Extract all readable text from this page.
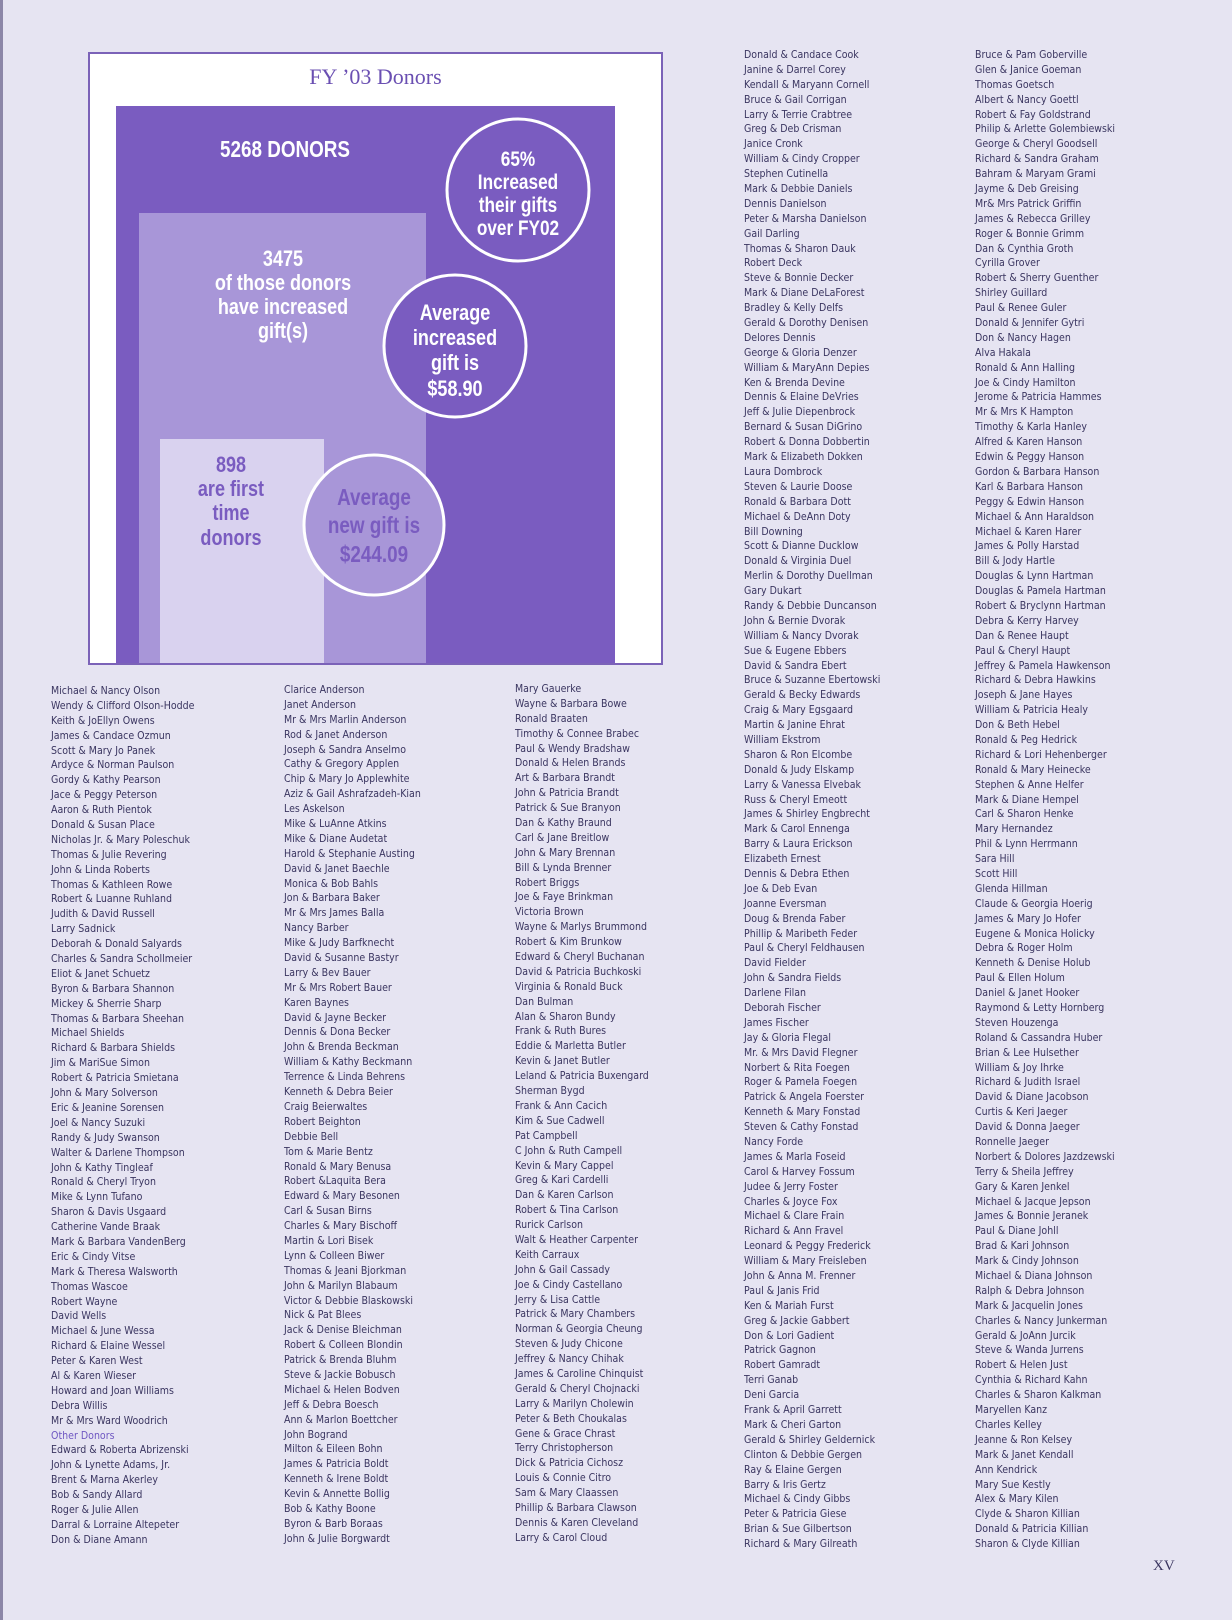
5268 DONORS
3475
of those donors
have increased
gift(s)
898
are first
time
donors
65%
Increased
their gifts
over FY02
Average
increased
gift is
$58.90
Average
new gift is
$244.09
FY ’03 Donors
Michael & Nancy Olson
Wendy & Clifford Olson-Hodde
Keith & JoEllyn Owens
James & Candace Ozmun
Scott & Mary Jo Panek
Ardyce & Norman Paulson
Gordy & Kathy Pearson
Jace & Peggy Peterson
Aaron & Ruth Pientok
Donald & Susan Place
Nicholas Jr. & Mary Poleschuk
Thomas & Julie Revering
John & Linda Roberts
Thomas & Kathleen Rowe
Robert & Luanne Ruhland
Judith & David Russell
Larry Sadnick
Deborah & Donald Salyards
Charles & Sandra Schollmeier
Eliot & Janet Schuetz
Byron & Barbara Shannon
Mickey & Sherrie Sharp
Thomas & Barbara Sheehan
Michael Shields
Richard & Barbara Shields
Jim & MariSue Simon
Robert & Patricia Smietana
John & Mary Solverson
Eric & Jeanine Sorensen
Joel & Nancy Suzuki
Randy & Judy Swanson
Walter & Darlene Thompson
John & Kathy Tingleaf
Ronald & Cheryl Tryon
Mike & Lynn Tufano
Sharon & Davis Usgaard
Catherine Vande Braak
Mark & Barbara VandenBerg
Eric & Cindy Vitse
Mark & Theresa Walsworth
Thomas Wascoe
Robert Wayne
David Wells
Michael & June Wessa
Richard & Elaine Wessel
Peter & Karen West
Al & Karen Wieser
Howard and Joan Williams
Debra Willis
Mr & Mrs Ward Woodrich
Other Donors
Edward & Roberta Abrizenski
John & Lynette Adams, Jr.
Brent & Marna Akerley
Bob & Sandy Allard
Roger & Julie Allen
Darral & Lorraine Altepeter
Don & Diane Amann
Clarice Anderson
Janet Anderson
Mr & Mrs Marlin Anderson
Rod & Janet Anderson
Joseph & Sandra Anselmo
Cathy & Gregory Applen
Chip & Mary Jo Applewhite
Aziz & Gail Ashrafzadeh-Kian
Les Askelson
Mike & LuAnne Atkins
Mike & Diane Audetat
Harold & Stephanie Austing
David & Janet Baechle
Monica & Bob Bahls
Jon & Barbara Baker
Mr & Mrs James Balla
Nancy Barber
Mike & Judy Barfknecht
David & Susanne Bastyr
Larry & Bev Bauer
Mr & Mrs Robert Bauer
Karen Baynes
David & Jayne Becker
Dennis & Dona Becker
John & Brenda Beckman
William & Kathy Beckmann
Terrence & Linda Behrens
Kenneth & Debra Beier
Craig Beierwaltes
Robert Beighton
Debbie Bell
Tom & Marie Bentz
Ronald & Mary Benusa
Robert &Laquita Bera
Edward & Mary Besonen
Carl & Susan Birns
Charles & Mary Bischoff
Martin & Lori Bisek
Lynn & Colleen Biwer
Thomas & Jeani Bjorkman
John & Marilyn Blabaum
Victor & Debbie Blaskowski
Nick & Pat Blees
Jack & Denise Bleichman
Robert & Colleen Blondin
Patrick & Brenda Bluhm
Steve & Jackie Bobusch
Michael & Helen Bodven
Jeff & Debra Boesch
Ann & Marlon Boettcher
John Bogrand
Milton & Eileen Bohn
James & Patricia Boldt
Kenneth & Irene Boldt
Kevin & Annette Bollig
Bob & Kathy Boone
Byron & Barb Boraas
John & Julie Borgwardt
Mary Gauerke
Wayne & Barbara Bowe
Ronald Braaten
Timothy & Connee Brabec
Paul & Wendy Bradshaw
Donald & Helen Brands
Art & Barbara Brandt
John & Patricia Brandt
Patrick & Sue Branyon
Dan & Kathy Braund
Carl & Jane Breitlow
John & Mary Brennan
Bill & Lynda Brenner
Robert Briggs
Joe & Faye Brinkman
Victoria Brown
Wayne & Marlys Brummond
Robert & Kim Brunkow
Edward & Cheryl Buchanan
David & Patricia Buchkoski
Virginia & Ronald Buck
Dan Bulman
Alan & Sharon Bundy
Frank & Ruth Bures
Eddie & Marletta Butler
Kevin & Janet Butler
Leland & Patricia Buxengard
Sherman Bygd
Frank & Ann Cacich
Kim & Sue Cadwell
Pat Campbell
C John & Ruth Campell
Kevin & Mary Cappel
Greg & Kari Cardelli
Dan & Karen Carlson
Robert & Tina Carlson
Rurick Carlson
Walt & Heather Carpenter
Keith Carraux
John & Gail Cassady
Joe & Cindy Castellano
Jerry & Lisa Cattle
Patrick & Mary Chambers
Norman & Georgia Cheung
Steven & Judy Chicone
Jeffrey & Nancy Chihak
James & Caroline Chinquist
Gerald & Cheryl Chojnacki
Larry & Marilyn Cholewin
Peter & Beth Choukalas
Gene & Grace Chrast
Terry Christopherson
Dick & Patricia Cichosz
Louis & Connie Citro
Sam & Mary Claassen
Phillip & Barbara Clawson
Dennis & Karen Cleveland
Larry & Carol Cloud
Donald & Candace Cook
Janine & Darrel Corey
Kendall & Maryann Cornell
Bruce & Gail Corrigan
Larry & Terrie Crabtree
Greg & Deb Crisman
Janice Cronk
William & Cindy Cropper
Stephen Cutinella
Mark & Debbie Daniels
Dennis Danielson
Peter & Marsha Danielson
Gail Darling
Thomas & Sharon Dauk
Robert Deck
Steve & Bonnie Decker
Mark & Diane DeLaForest
Bradley & Kelly Delfs
Gerald & Dorothy Denisen
Delores Dennis
George & Gloria Denzer
William & MaryAnn Depies
Ken & Brenda Devine
Dennis & Elaine DeVries
Jeff & Julie Diepenbrock
Bernard & Susan DiGrino
Robert & Donna Dobbertin
Mark & Elizabeth Dokken
Laura Dombrock
Steven & Laurie Doose
Ronald & Barbara Dott
Michael & DeAnn Doty
Bill Downing
Scott & Dianne Ducklow
Donald & Virginia Duel
Merlin & Dorothy Duellman
Gary Dukart
Randy & Debbie Duncanson
John & Bernie Dvorak
William & Nancy Dvorak
Sue & Eugene Ebbers
David & Sandra Ebert
Bruce & Suzanne Ebertowski
Gerald & Becky Edwards
Craig & Mary Egsgaard
Martin & Janine Ehrat
William Ekstrom
Sharon & Ron Elcombe
Donald & Judy Elskamp
Larry & Vanessa Elvebak
Russ & Cheryl Emeott
James & Shirley Engbrecht
Mark & Carol Ennenga
Barry & Laura Erickson
Elizabeth Ernest
Dennis & Debra Ethen
Joe & Deb Evan
Joanne Eversman
Doug & Brenda Faber
Phillip & Maribeth Feder
Paul & Cheryl Feldhausen
David Fielder
John & Sandra Fields
Darlene Filan
Deborah Fischer
James Fischer
Jay & Gloria Flegal
Mr. & Mrs David Flegner
Norbert & Rita Foegen
Roger & Pamela Foegen
Patrick & Angela Foerster
Kenneth & Mary Fonstad
Steven & Cathy Fonstad
Nancy Forde
James & Marla Foseid
Carol & Harvey Fossum
Judee & Jerry Foster
Charles & Joyce Fox
Michael & Clare Frain
Richard & Ann Fravel
Leonard & Peggy Frederick
William & Mary Freisleben
John & Anna M. Frenner
Paul & Janis Frid
Ken & Mariah Furst
Greg & Jackie Gabbert
Don & Lori Gadient
Patrick Gagnon
Robert Gamradt
Terri Ganab
Deni Garcia
Frank & April Garrett
Mark & Cheri Garton
Gerald & Shirley Geldernick
Clinton & Debbie Gergen
Ray & Elaine Gergen
Barry & Iris Gertz
Michael & Cindy Gibbs
Peter & Patricia Giese
Brian & Sue Gilbertson
Richard & Mary Gilreath
Bruce & Pam Goberville
Glen & Janice Goeman
Thomas Goetsch
Albert & Nancy Goettl
Robert & Fay Goldstrand
Philip & Arlette Golembiewski
George & Cheryl Goodsell
Richard & Sandra Graham
Bahram & Maryam Grami
Jayme & Deb Greising
Mr& Mrs Patrick Griffin
James & Rebecca Grilley
Roger & Bonnie Grimm
Dan & Cynthia Groth
Cyrilla Grover
Robert & Sherry Guenther
Shirley Guillard
Paul & Renee Guler
Donald & Jennifer Gytri
Don & Nancy Hagen
Alva Hakala
Ronald & Ann Halling
Joe & Cindy Hamilton
Jerome & Patricia Hammes
Mr & Mrs K Hampton
Timothy & Karla Hanley
Alfred & Karen Hanson
Edwin & Peggy Hanson
Gordon & Barbara Hanson
Karl & Barbara Hanson
Peggy & Edwin Hanson
Michael & Ann Haraldson
Michael & Karen Harer
James & Polly Harstad
Bill & Jody Hartle
Douglas & Lynn Hartman
Douglas & Pamela Hartman
Robert & Bryclynn Hartman
Debra & Kerry Harvey
Dan & Renee Haupt
Paul & Cheryl Haupt
Jeffrey & Pamela Hawkenson
Richard & Debra Hawkins
Joseph & Jane Hayes
William & Patricia Healy
Don & Beth Hebel
Ronald & Peg Hedrick
Richard & Lori Hehenberger
Ronald & Mary Heinecke
Stephen & Anne Helfer
Mark & Diane Hempel
Carl & Sharon Henke
Mary Hernandez
Phil & Lynn Herrmann
Sara Hill
Scott Hill
Glenda Hillman
Claude & Georgia Hoerig
James & Mary Jo Hofer
Eugene & Monica Holicky
Debra & Roger Holm
Kenneth & Denise Holub
Paul & Ellen Holum
Daniel & Janet Hooker
Raymond & Letty Hornberg
Steven Houzenga
Roland & Cassandra Huber
Brian & Lee Hulsether
William & Joy Ihrke
Richard & Judith Israel
David & Diane Jacobson
Curtis & Keri Jaeger
David & Donna Jaeger
Ronnelle Jaeger
Norbert & Dolores Jazdzewski
Terry & Sheila Jeffrey
Gary & Karen Jenkel
Michael & Jacque Jepson
James & Bonnie Jeranek
Paul & Diane Johll
Brad & Kari Johnson
Mark & Cindy Johnson
Michael & Diana Johnson
Ralph & Debra Johnson
Mark & Jacquelin Jones
Charles & Nancy Junkerman
Gerald & JoAnn Jurcik
Steve & Wanda Jurrens
Robert & Helen Just
Cynthia & Richard Kahn
Charles & Sharon Kalkman
Maryellen Kanz
Charles Kelley
Jeanne & Ron Kelsey
Mark & Janet Kendall
Ann Kendrick
Mary Sue Kestly
Alex & Mary Kilen
Clyde & Sharon Killian
Donald & Patricia Killian
Sharon & Clyde Killian
XV
